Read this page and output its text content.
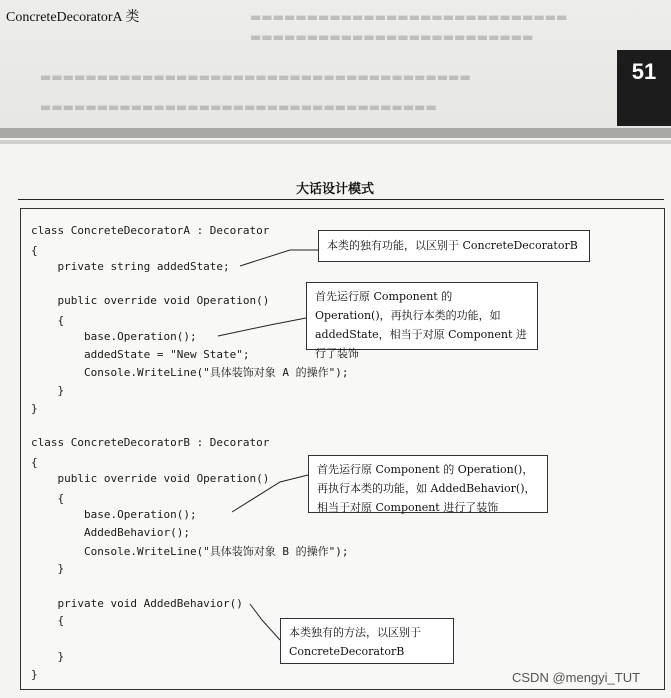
▬▬▬▬▬▬▬▬▬▬▬▬▬▬▬▬▬▬▬▬▬▬▬▬▬▬▬▬
▬▬▬▬▬▬▬▬▬▬▬▬▬▬▬▬▬▬▬▬▬▬▬▬▬
▬▬▬▬▬▬▬▬▬▬▬▬▬▬▬▬▬▬▬▬▬▬▬▬▬▬▬▬▬▬▬▬▬▬▬▬▬▬
▬▬▬▬▬▬▬▬▬▬▬▬▬▬▬▬▬▬▬▬▬▬▬▬▬▬▬▬▬▬▬▬▬▬▬
ConcreteDecoratorA 类
51
大话设计模式
class ConcreteDecoratorA : Decorator
{
private string addedState;
public override void Operation()
{
base.Operation();
addedState = "New State";
Console.WriteLine("具体装饰对象 A 的操作");
}
}
class ConcreteDecoratorB : Decorator
{
public override void Operation()
{
base.Operation();
AddedBehavior();
Console.WriteLine("具体装饰对象 B 的操作");
}
private void AddedBehavior()
{
}
}
本类的独有功能，以区别于 ConcreteDecoratorB
首先运行原 Component 的 Operation()，再执行本类的功能，如 addedState，相当于对原 Component 进行了装饰
首先运行原 Component 的 Operation()，再执行本类的功能，如 AddedBehavior()，相当于对原 Component 进行了装饰
本类独有的方法，以区别于 ConcreteDecoratorB
CSDN @mengyi_TUT
